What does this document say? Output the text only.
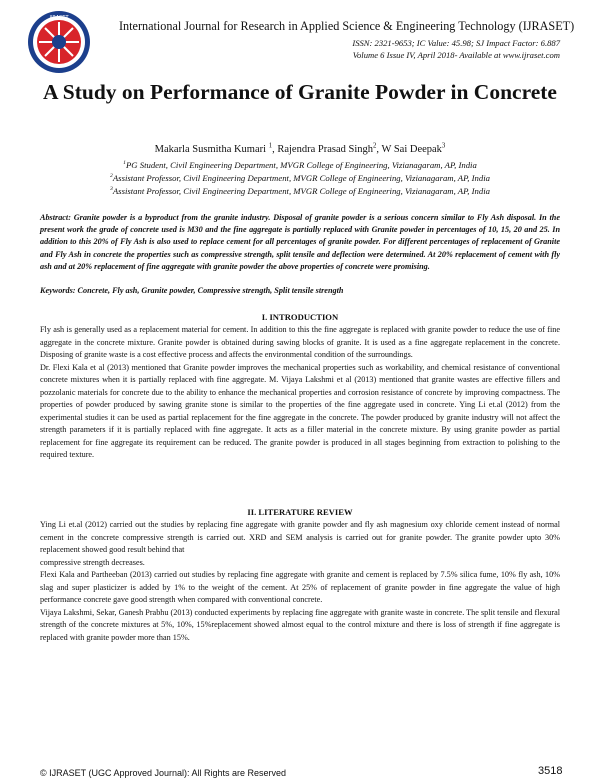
IJRASET
International Journal for Research in Applied Science & Engineering Technology (IJRASET)
ISSN: 2321-9653; IC Value: 45.98; SJ Impact Factor: 6.887
Volume 6 Issue IV, April 2018- Available at www.ijraset.com
A Study on Performance of Granite Powder in Concrete
Makarla Susmitha Kumari $^1$, Rajendra Prasad Singh$^2$, W Sai Deepak$^3$
$^1$PG Student, Civil Engineering Department, MVGR College of Engineering, Vizianagaram, AP, India
$^2$Assistant Professor, Civil Engineering Department, MVGR College of Engineering, Vizianagaram, AP, India
$^3$Assistant Professor, Civil Engineering Department, MVGR College of Engineering, Vizianagaram, AP, India
Abstract: Granite powder is a byproduct from the granite industry. Disposal of granite powder is a serious concern similar to Fly Ash disposal. In the present work the grade of concrete used is M30 and the fine aggregate is partially replaced with Granite powder in percentages of 10, 15, 20 and 25. In addition to this 20% of Fly Ash is also used to replace cement for all percentages of granite powder. For different percentages of replacement of Granite and Fly Ash in concrete the properties such as compressive strength, split tensile and deflection were determined. At 20% replacement of cement with fly ash and at 20% replacement of fine aggregate with granite powder the above properties of concrete were promising.
Keywords: Concrete, Fly ash, Granite powder, Compressive strength, Split tensile strength
I. INTRODUCTION

Fly ash is generally used as a replacement material for cement. In addition to this the fine aggregate is replaced with granite powder to reduce the use of fine aggregate in the concrete mixture. Granite powder is obtained during sawing blocks of granite. It is used as a fine aggregate replacement in the concrete. Disposing of granite waste is a cost effective process and affects the environmental condition of the surroundings.

Dr. Flexi Kala et al (2013) mentioned that Granite powder improves the mechanical properties such as workability, and chemical resistance of conventional concrete mixtures when it is partially replaced with fine aggregate. M. Vijaya Lakshmi et al (2013) mentioned that granite wastes are effective fillers and pozzolanic materials for concrete due to the ability to enhance the mechanical properties and corrosion resistance of concrete by improving compactness. The properties of powder produced by sawing granite stone is similar to the properties of the fine aggregate used in concrete. Ying Li et.al (2012) from the experimental studies it can be used as partial replacement for the fine aggregate in the concrete. The powder produced by granite industry will not affect the strength parameters if it is partially replaced with fine aggregate. It acts as a filler material in the concrete mixture. By using granite powder as partial replacement for fine aggregate its requirement can be reduced. The granite powder is produced in all stages beginning from extraction to polishing to the required texture.

II. LITERATURE REVIEW

Ying Li et.al (2012) carried out the studies by replacing fine aggregate with granite powder and fly ash magnesium oxy chloride cement instead of normal cement in the concrete compressive strength is carried out. XRD and SEM analysis is carried out for granite powder. The granite powder upto 30% replacement showed good result behind that

compressive strength decreases.

Flexi Kala and Partheeban (2013) carried out studies by replacing fine aggregate with granite and cement is replaced by 7.5% silica fume, 10% fly ash, 10% slag and super plasticizer is added by 1% to the weight of the cement. At 25% of replacement of granite powder in fine aggregate the value of high performance concrete gave good strength when compared with conventional concrete.

Vijaya Lakshmi, Sekar, Ganesh Prabhu (2013) conducted experiments by replacing fine aggregate with granite waste in concrete. The split tensile and flexural strength of the concrete mixtures at 5%, 10%, 15%replacement showed almost equal to the control mixture and there is loss of strength if fine aggregate is replaced with granite powder more than 15%.

© IJRASET (UGC Approved Journal): All Rights are Reserved	3518
